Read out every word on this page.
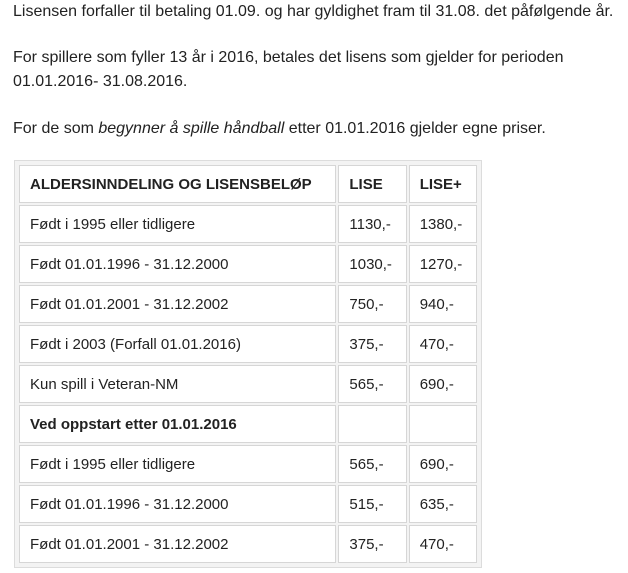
Lisensen forfaller til betaling 01.09. og har gyldighet fram til 31.08. det påfølgende år.

For spillere som fyller 13 år i 2016, betales det lisens som gjelder for perioden 01.01.2016- 31.08.2016.

For de som begynner å spille håndball etter 01.01.2016 gjelder egne priser.

ALDERSINNDELING OG LISENSBELØP	LISE	LISE+
Født i 1995 eller tidligere	1130,-	1380,-
Født 01.01.1996 - 31.12.2000	1030,-	1270,-
Født 01.01.2001 - 31.12.2002	750,-	940,-
Født i 2003 (Forfall 01.01.2016)	375,-	470,-
Kun spill i Veteran-NM	565,-	690,-
Ved oppstart etter 01.01.2016		
Født i 1995 eller tidligere	565,-	690,-
Født 01.01.1996 - 31.12.2000	515,-	635,-
Født 01.01.2001 - 31.12.2002	375,-	470,-
